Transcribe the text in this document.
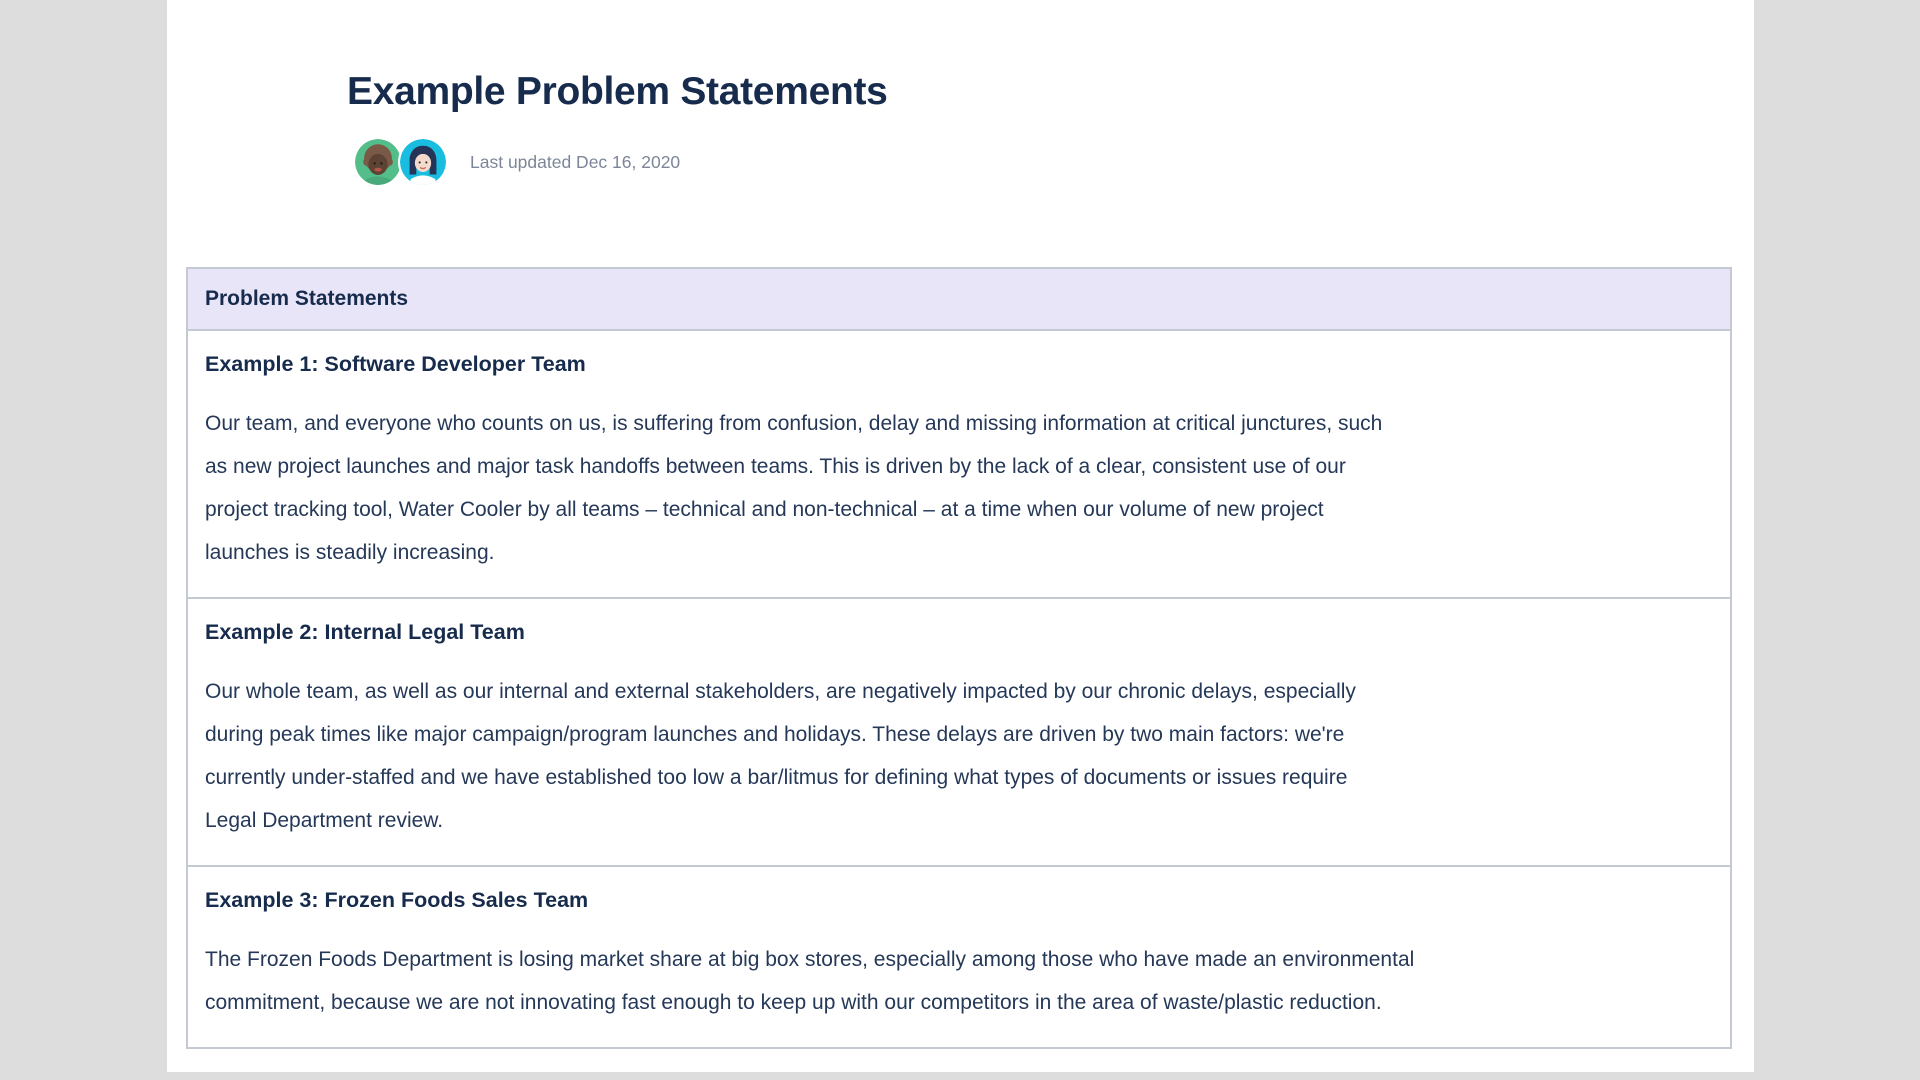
Example Problem Statements
Last updated Dec 16, 2020
Problem Statements

Example 1: Software Developer Team
Our team, and everyone who counts on us, is suffering from confusion, delay and missing information at critical junctures, such
as new project launches and major task handoffs between teams. This is driven by the lack of a clear, consistent use of our
project tracking tool, Water Cooler by all teams – technical and non-technical – at a time when our volume of new project
launches is steadily increasing.

Example 2: Internal Legal Team
Our whole team, as well as our internal and external stakeholders, are negatively impacted by our chronic delays, especially
during peak times like major campaign/program launches and holidays. These delays are driven by two main factors: we're
currently under-staffed and we have established too low a bar/litmus for defining what types of documents or issues require
Legal Department review.

Example 3: Frozen Foods Sales Team
The Frozen Foods Department is losing market share at big box stores, especially among those who have made an environmental
commitment, because we are not innovating fast enough to keep up with our competitors in the area of waste/plastic reduction.
